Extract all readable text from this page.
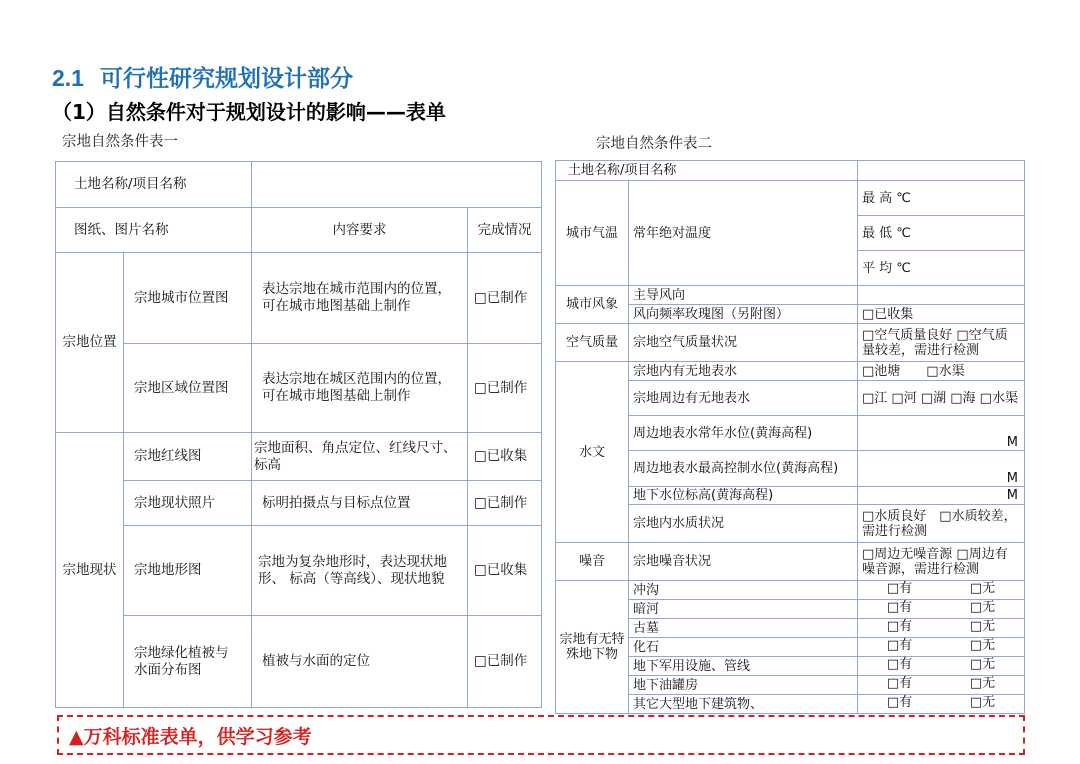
2.1 可行性研究规划设计部分
（1）自然条件对于规划设计的影响——表单
宗地自然条件表一	宗地自然条件表二
土地名称/项目名称			
图纸、图片名称		内容要求	完成情况
宗地位置	宗地城市位置图	表达宗地在城市范围内的位置，可在城市地图基础上制作	□已制作
	宗地区域位置图	表达宗地在城区范围内的位置，可在城市地图基础上制作	□已制作
宗地现状	宗地红线图	宗地面积、角点定位、红线尺寸、标高	□已收集
	宗地现状照片	标明拍摄点与目标点位置	□已制作
	宗地地形图	宗地为复杂地形时，表达现状地形、 标高（等高线）、现状地貌	□已收集
	宗地绿化植被与水面分布图	植被与水面的定位	□已制作
土地名称/项目名称		
城市气温	常年绝对温度	最 高 ℃
		最 低 ℃
		平 均 ℃
城市风象	主导风向	
	风向频率玫瑰图（另附图）	□已收集
空气质量	宗地空气质量状况	□空气质量良好 □空气质量较差，需进行检测
水文	宗地内有无地表水	□池塘　　□水渠
	宗地周边有无地表水	□江 □河 □湖 □海 □水渠
	周边地表水常年水位(黄海高程)	M
	周边地表水最高控制水位(黄海高程)	M
	地下水位标高(黄海高程)	M
	宗地内水质状况	□水质良好　□水质较差，需进行检测
噪音	宗地噪音状况	□周边无噪音源 □周边有噪音源，需进行检测
宗地有无特殊地下物	冲沟	□有 □无

	暗河	□有 □无

	古墓	□有 □无

	化石	□有 □无

	地下军用设施、管线	□有 □无

	地下油罐房	□有 □无

	其它大型地下建筑物、	□有 □无
▲万科标准表单，供学习参考
